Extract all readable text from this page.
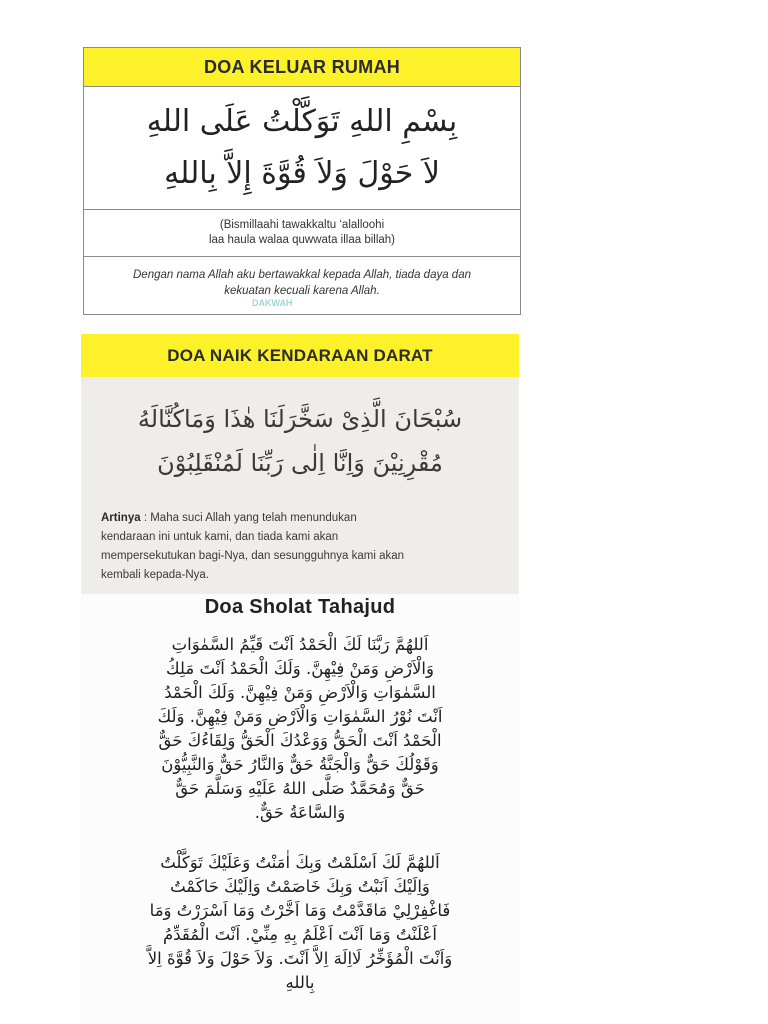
DOA KELUAR RUMAH
بِسْمِ اللهِ تَوَكَّلْتُ عَلَى اللهِ
لاَ حَوْلَ وَلاَ قُوَّةَ إِلاَّ بِاللهِ
(Bismillaahi tawakkaltu ‘alalloohi
laa haula walaa quwwata illaa billah)
Dengan nama Allah aku bertawakkal kepada Allah, tiada daya dan
kekuatan kecuali karena Allah.
DAKWAH
DOA NAIK KENDARAAN DARAT
سُبْحَانَ الَّذِىْ سَخَّرَلَنَا هٰذَا وَمَاكُنَّالَهُ
مُقْرِنِيْنَ وَاِنَّا اِلٰى رَبِّنَا لَمُنْقَلِبُوْنَ
Artinya : Maha suci Allah yang telah menundukan
kendaraan ini untuk kami, dan tiada kami akan
mempersekutukan bagi-Nya, dan sesungguhnya kami akan
kembali kepada-Nya.
Doa Sholat Tahajud
اَللهُمَّ رَبَّنَا لَكَ الْحَمْدُ اَنْتَ قَيِّمُ السَّمٰوَاتِ
وَالْاَرْضِ وَمَنْ فِيْهِنَّ. وَلَكَ الْحَمْدُ اَنْتَ مَلِكُ
السَّمٰوَاتِ وَالْاَرْضِ وَمَنْ فِيْهِنَّ. وَلَكَ الْحَمْدُ
اَنْتَ نُوْرُ السَّمٰوَاتِ وَالْاَرْضِ وَمَنْ فِيْهِنَّ. وَلَكَ
الْحَمْدُ اَنْتَ الْحَقُّ وَوَعْدُكَ الْحَقُّ وَلِقَاءُكَ حَقٌّ
وَقَوْلُكَ حَقٌّ وَالْجَنَّةُ حَقٌّ وَالنَّارُ حَقٌّ وَالنَّبِيُّوْنَ
حَقٌّ وَمُحَمَّدٌ صَلَّى اللهُ عَلَيْهِ وَسَلَّمَ حَقٌّ
وَالسَّاعَةُ حَقٌّ.
اَللهُمَّ لَكَ اَسْلَمْتُ وَبِكَ اٰمَنْتُ وَعَلَيْكَ تَوَكَّلْتُ
وَاِلَيْكَ اَنَبْتُ وَبِكَ خَاصَمْتُ وَاِلَيْكَ حَاكَمْتُ
فَاغْفِرْلِيْ مَاقَدَّمْتُ وَمَا اَخَّرْتُ وَمَا اَسْرَرْتُ وَمَا
اَعْلَنْتُ وَمَا اَنْتَ اَعْلَمُ بِهِ مِنِّيْ. اَنْتَ الْمُقَدِّمُ
وَاَنْتَ الْمُؤَخِّرُ لَااِلَهَ اِلاَّ اَنْتَ. وَلاَ حَوْلَ وَلاَ قُوَّةَ اِلاَّ
بِاللهِ
